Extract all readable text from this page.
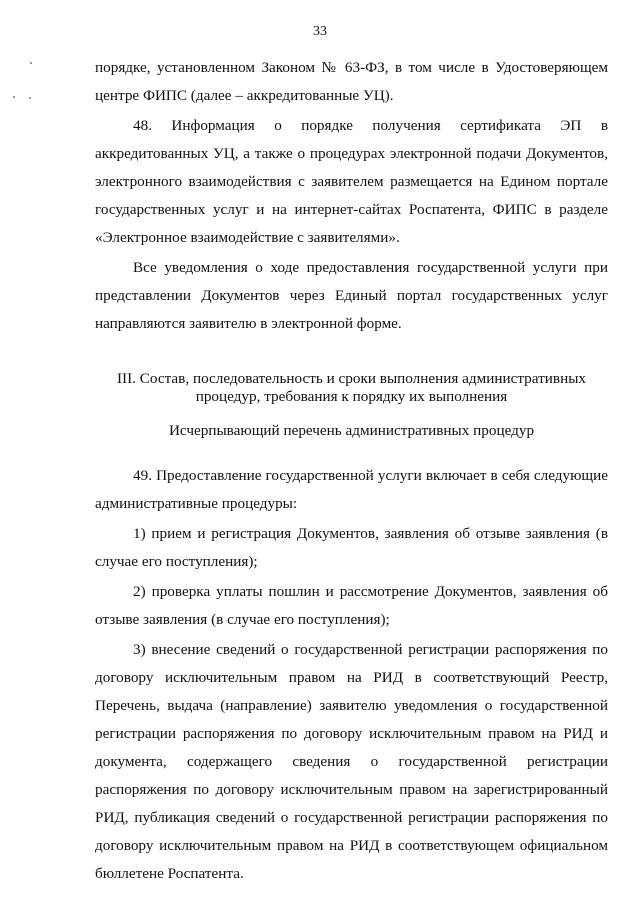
33

порядке, установленном Законом № 63-ФЗ, в том числе в Удостоверяющем центре ФИПС (далее – аккредитованные УЦ).

48. Информация о порядке получения сертификата ЭП в аккредитованных УЦ, а также о процедурах электронной подачи Документов, электронного взаимодействия с заявителем размещается на Едином портале государственных услуг и на интернет-сайтах Роспатента, ФИПС в разделе «Электронное взаимодействие с заявителями».

Все уведомления о ходе предоставления государственной услуги при представлении Документов через Единый портал государственных услуг направляются заявителю в электронной форме.

III. Состав, последовательность и сроки выполнения административных процедур, требования к порядку их выполнения

Исчерпывающий перечень административных процедур

49. Предоставление государственной услуги включает в себя следующие административные процедуры:

1) прием и регистрация Документов, заявления об отзыве заявления (в случае его поступления);

2) проверка уплаты пошлин и рассмотрение Документов, заявления об отзыве заявления (в случае его поступления);

3) внесение сведений о государственной регистрации распоряжения по договору исключительным правом на РИД в соответствующий Реестр, Перечень, выдача (направление) заявителю уведомления о государственной регистрации распоряжения по договору исключительным правом на РИД и документа, содержащего сведения о государственной регистрации распоряжения по договору исключительным правом на зарегистрированный РИД, публикация сведений о государственной регистрации распоряжения по договору исключительным правом на РИД в соответствующем официальном бюллетене Роспатента.
